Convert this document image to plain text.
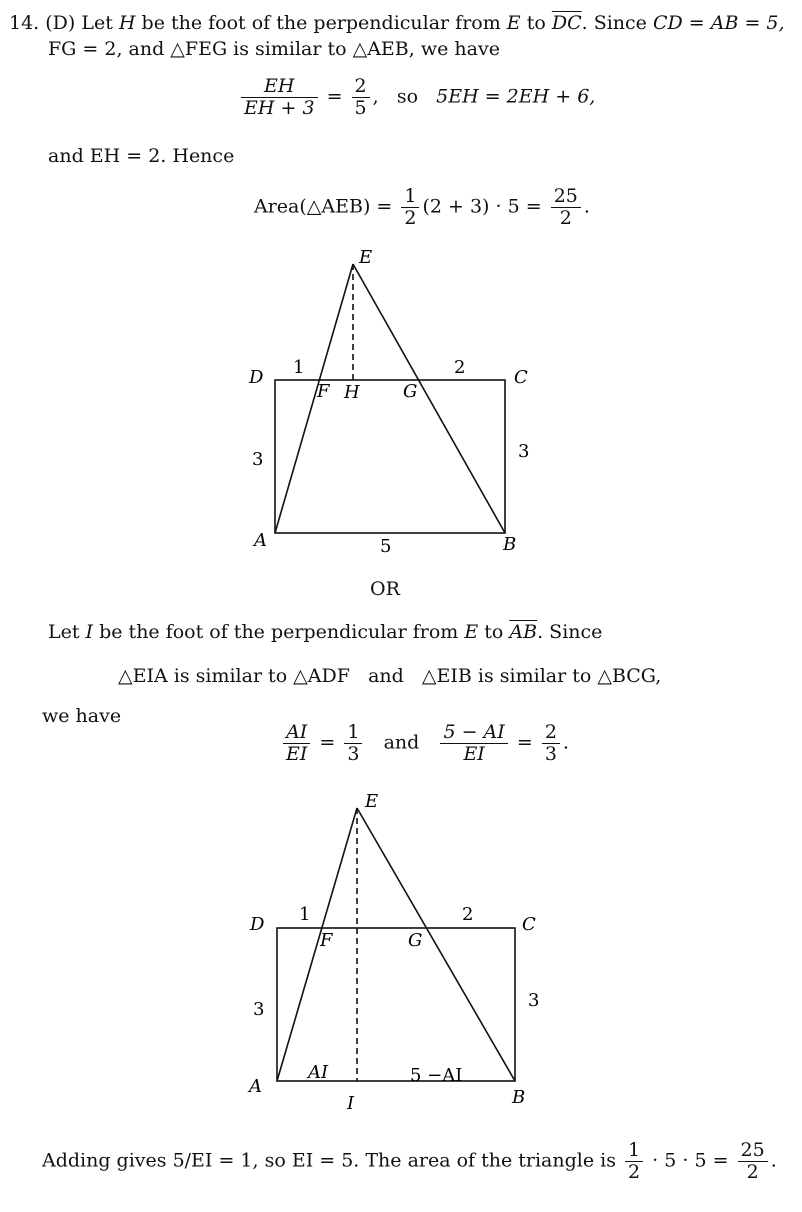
14. (D) Let H be the foot of the perpendicular from E to $\overline{DC}$. Since CD = AB = 5,
FG = 2, and △FEG is similar to △AEB, we have
$\frac{EH}{EH + 3} = \frac{2}{5}$ , so 5EH = 2EH + 6,
and EH = 2. Hence
Area(△AEB) = $\frac{1}{2} (2 + 3) \cdot 5 = \frac{25}{2}$ .
E
D	C
A	B
F H G
1	2
3	3
5
E
D	C
A
B
F	G
I
1	2
3	3
AI	5 −AI
OR
Let I be the foot of the perpendicular from E to $\overline{AB}$. Since
△EIA is similar to △ADF and △EIB is similar to △BCG,
we have
$\frac{AI}{EI} = \frac{1}{3}$ and $\frac{5 - AI}{EI} = \frac{2}{3}$ .
Adding gives 5/EI = 1, so EI = 5. The area of the triangle is $\frac{1}{2} \cdot 5 \cdot 5 = \frac{25}{2}$ .
